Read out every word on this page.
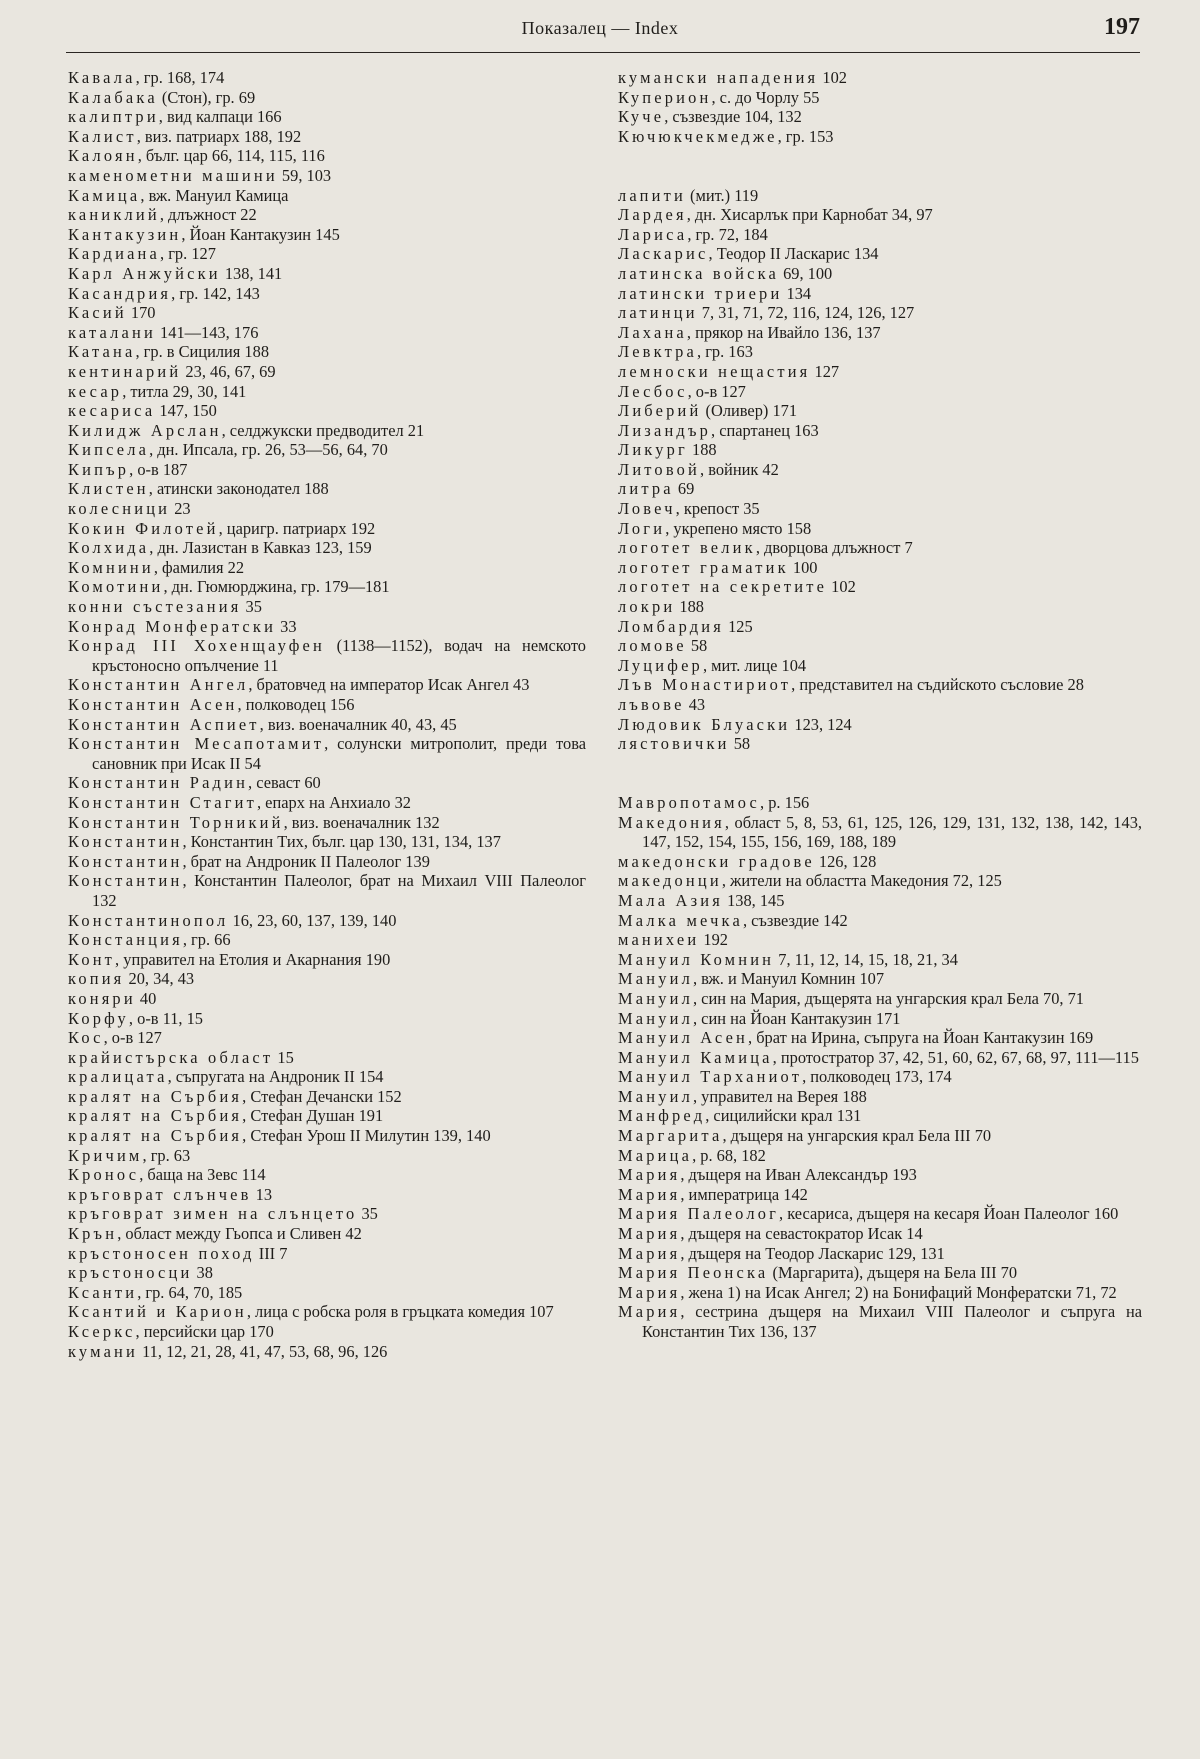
Показалец — Index	197
Кавала, гр. 168, 174
Калабака (Стон), гр. 69
калиптри, вид калпаци 166
Калист, виз. патриарх 188, 192
Калоян, бълг. цар 66, 114, 115, 116
каменометни машини 59, 103
Камица, вж. Мануил Камица
каниклий, длъжност 22
Кантакузин, Йоан Кантакузин 145
Кардиана, гр. 127
Карл Анжуйски 138, 141
Касандрия, гр. 142, 143
Касий 170
каталани 141—143, 176
Катана, гр. в Сицилия 188
кентинарий 23, 46, 67, 69
кесар, титла 29, 30, 141
кесариса 147, 150
Килидж Арслан, селджукски предводител 21
Кипсела, дн. Ипсала, гр. 26, 53—56, 64, 70
Кипър, о-в 187
Клистен, атински законодател 188
колесници 23
Кокин Филотей, царигр. патриарх 192
Колхида, дн. Лазистан в Кавказ 123, 159
Комнини, фамилия 22
Комотини, дн. Гюмюрджина, гр. 179—181
конни състезания 35
Конрад Монфератски 33
Конрад III Хохенщауфен (1138—1152), водач на немското кръстоносно опълчение 11
Константин Ангел, братовчед на император Исак Ангел 43
Константин Асен, полководец 156
Константин Аспиет, виз. военачалник 40, 43, 45
Константин Месапотамит, солунски митрополит, преди това сановник при Исак II 54
Константин Радин, севаст 60
Константин Стагит, епарх на Анхиало 32
Константин Торникий, виз. военачалник 132
Константин, Константин Тих, бълг. цар 130, 131, 134, 137
Константин, брат на Андроник II Палеолог 139
Константин, Константин Палеолог, брат на Михаил VIII Палеолог 132
Константинопол 16, 23, 60, 137, 139, 140
Констанция, гр. 66
Конт, управител на Етолия и Акарнания 190
копия 20, 34, 43
коняри 40
Корфу, о-в 11, 15
Кос, о-в 127
крайистърска област 15
кралицата, съпругата на Андроник II 154
кралят на Сърбия, Стефан Дечански 152
кралят на Сърбия, Стефан Душан 191
кралят на Сърбия, Стефан Урош II Милутин 139, 140
Кричим, гр. 63
Кронос, баща на Зевс 114
кръговрат слънчев 13
кръговрат зимен на слънцето 35
Крън, област между Гьопса и Сливен 42
кръстоносен поход III 7
кръстоносци 38
Ксанти, гр. 64, 70, 185
Ксантий и Карион, лица с робска роля в гръцката комедия 107
Ксеркс, персийски цар 170
кумани 11, 12, 21, 28, 41, 47, 53, 68, 96, 126
кумански нападения 102
Куперион, с. до Чорлу 55
Куче, съзвездие 104, 132
Кючюкчекмедже, гр. 153
лапити (мит.) 119
Лардея, дн. Хисарлък при Карнобат 34, 97
Лариса, гр. 72, 184
Ласкарис, Теодор II Ласкарис 134
латинска войска 69, 100
латински триери 134
латинци 7, 31, 71, 72, 116, 124, 126, 127
Лахана, прякор на Ивайло 136, 137
Левктра, гр. 163
лемноски нещастия 127
Лесбос, о-в 127
Либерий (Оливер) 171
Лизандър, спартанец 163
Ликург 188
Литовой, войник 42
литра 69
Ловеч, крепост 35
Логи, укрепено място 158
логотет велик, дворцова длъжност 7
логотет граматик 100
логотет на секретите 102
локри 188
Ломбардия 125
ломове 58
Луцифер, мит. лице 104
Лъв Монастириот, представител на съдийското съсловие 28
лъвове 43
Людовик Блуаски 123, 124
лястовички 58
Мавропотамос, р. 156
Македония, област 5, 8, 53, 61, 125, 126, 129, 131, 132, 138, 142, 143, 147, 152, 154, 155, 156, 169, 188, 189
македонски градове 126, 128
македонци, жители на областта Македония 72, 125
Мала Азия 138, 145
Малка мечка, съзвездие 142
манихеи 192
Мануил Комнин 7, 11, 12, 14, 15, 18, 21, 34
Мануил, вж. и Мануил Комнин 107
Мануил, син на Мария, дъщерята на унгарския крал Бела 70, 71
Мануил, син на Йоан Кантакузин 171
Мануил Асен, брат на Ирина, съпруга на Йоан Кантакузин 169
Мануил Камица, протостратор 37, 42, 51, 60, 62, 67, 68, 97, 111—115
Мануил Тарханиот, полководец 173, 174
Мануил, управител на Верея 188
Манфред, сицилийски крал 131
Маргарита, дъщеря на унгарския крал Бела III 70
Марица, р. 68, 182
Мария, дъщеря на Иван Александър 193
Мария, императрица 142
Мария Палеолог, кесариса, дъщеря на кесаря Йоан Палеолог 160
Мария, дъщеря на севастократор Исак 14
Мария, дъщеря на Теодор Ласкарис 129, 131
Мария Пеонска (Маргарита), дъщеря на Бела III 70
Мария, жена 1) на Исак Ангел; 2) на Бонифаций Монфератски 71, 72
Мария, сестрина дъщеря на Михаил VIII Палеолог и съпруга на Константин Тих 136, 137
